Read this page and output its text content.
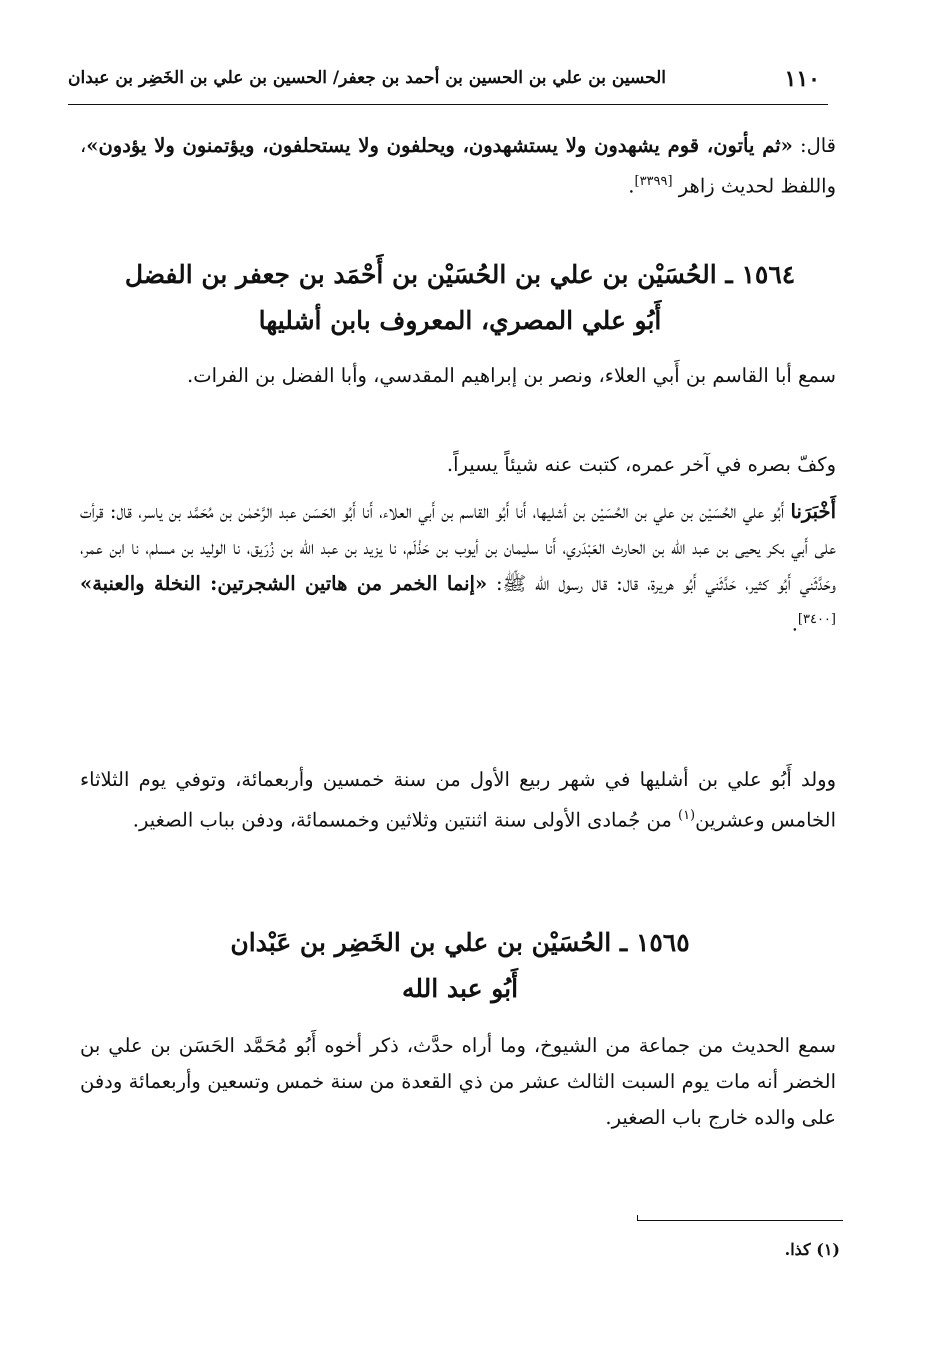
١١٠
الحسين بن علي بن الحسين بن أحمد بن جعفر/ الحسين بن علي بن الخَضِر بن عبدان
قال: «ثم يأتون، قوم يشهدون ولا يستشهدون، ويحلفون ولا يستحلفون، ويؤتمنون ولا يؤدون»، واللفظ لحديث زاهر [٣٣٩٩].
١٥٦٤ ـ الحُسَيْن بن علي بن الحُسَيْن بن أَحْمَد بن جعفر بن الفضل
أَبُو علي المصري، المعروف بابن أشليها
سمع أبا القاسم بن أَبي العلاء، ونصر بن إبراهيم المقدسي، وأبا الفضل بن الفرات.
وكفّ بصره في آخر عمره، كتبت عنه شيئاً يسيراً.
أَخْبَرَنا أَبُو علي الحُسَيْن بن علي بن الحُسَيْن بن أشليها، أَنا أَبُو القاسم بن أَبي العلاء، أَنا أَبُو الحَسَن عبد الرَّحْمٰن بن مُحَمَّد بن ياسر، قال: قرأت على أَبي بكر يحيى بن عبد الله بن الحارث العَبْدَري، أَنا سليمان بن أيوب بن حَذْلَم، نا يزيد بن عبد الله بن زُرَيق، نا الوليد بن مسلم، نا ابن عمر، وحَدَّثَني أَبُو كثير، حَدَّثَني أَبُو هريرة، قال: قال رسول الله ﷺ: «إنما الخمر من هاتين الشجرتين: النخلة والعنبة» [٣٤٠٠].
وولد أَبُو علي بن أشليها في شهر ربيع الأول من سنة خمسين وأربعمائة، وتوفي يوم الثلاثاء الخامس وعشرين$^{(١)}$ من جُمادى الأولى سنة اثنتين وثلاثين وخمسمائة، ودفن بباب الصغير.
١٥٦٥ ـ الحُسَيْن بن علي بن الخَضِر بن عَبْدان
أَبُو عبد الله
سمع الحديث من جماعة من الشيوخ، وما أراه حدَّث، ذكر أخوه أَبُو مُحَمَّد الحَسَن بن علي بن الخضر أنه مات يوم السبت الثالث عشر من ذي القعدة من سنة خمس وتسعين وأربعمائة ودفن على والده خارج باب الصغير.
(١) كذا.
